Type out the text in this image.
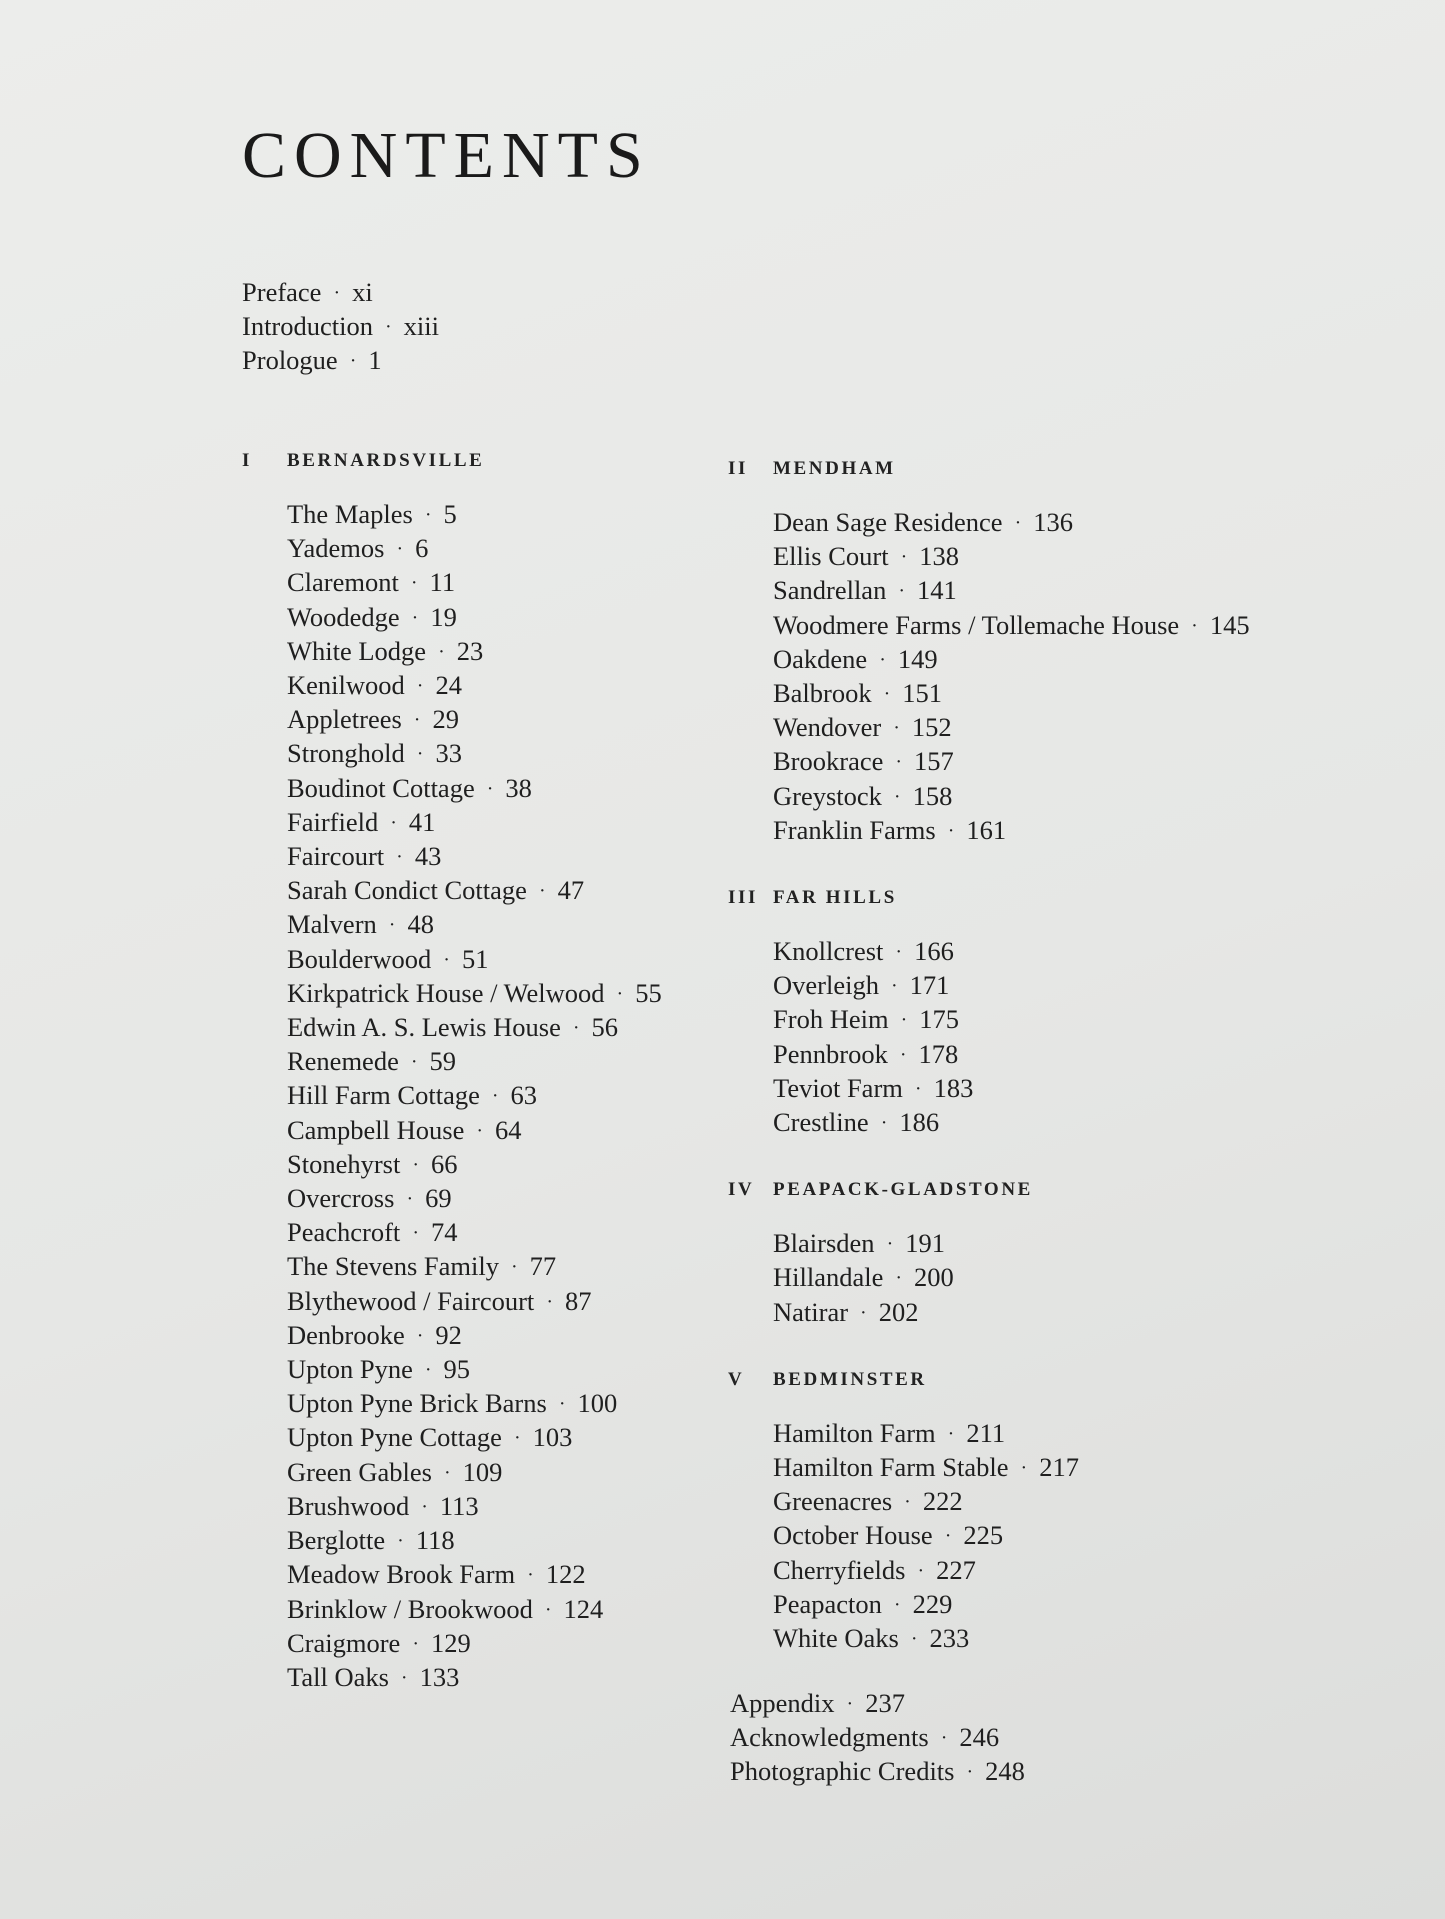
CONTENTS
Preface · xi
Introduction · xiii
Prologue · 1
I	BERNARDSVILLE
The Maples · 5
Yademos · 6
Claremont · 11
Woodedge · 19
White Lodge · 23
Kenilwood · 24
Appletrees · 29
Stronghold · 33
Boudinot Cottage · 38
Fairfield · 41
Faircourt · 43
Sarah Condict Cottage · 47
Malvern · 48
Boulderwood · 51
Kirkpatrick House / Welwood · 55
Edwin A. S. Lewis House · 56
Renemede · 59
Hill Farm Cottage · 63
Campbell House · 64
Stonehyrst · 66
Overcross · 69
Peachcroft · 74
The Stevens Family · 77
Blythewood / Faircourt · 87
Denbrooke · 92
Upton Pyne · 95
Upton Pyne Brick Barns · 100
Upton Pyne Cottage · 103
Green Gables · 109
Brushwood · 113
Berglotte · 118
Meadow Brook Farm · 122
Brinklow / Brookwood · 124
Craigmore · 129
Tall Oaks · 133
II	MENDHAM
Dean Sage Residence · 136
Ellis Court · 138
Sandrellan · 141
Woodmere Farms / Tollemache House · 145
Oakdene · 149
Balbrook · 151
Wendover · 152
Brookrace · 157
Greystock · 158
Franklin Farms · 161
III FAR HILLS
Knollcrest · 166
Overleigh · 171
Froh Heim · 175
Pennbrook · 178
Teviot Farm · 183
Crestline · 186
IV PEAPACK-GLADSTONE
Blairsden · 191
Hillandale · 200
Natirar · 202
V	BEDMINSTER
Hamilton Farm · 211
Hamilton Farm Stable · 217
Greenacres · 222
October House · 225
Cherryfields · 227
Peapacton · 229
White Oaks · 233
Appendix · 237
Acknowledgments · 246
Photographic Credits · 248
